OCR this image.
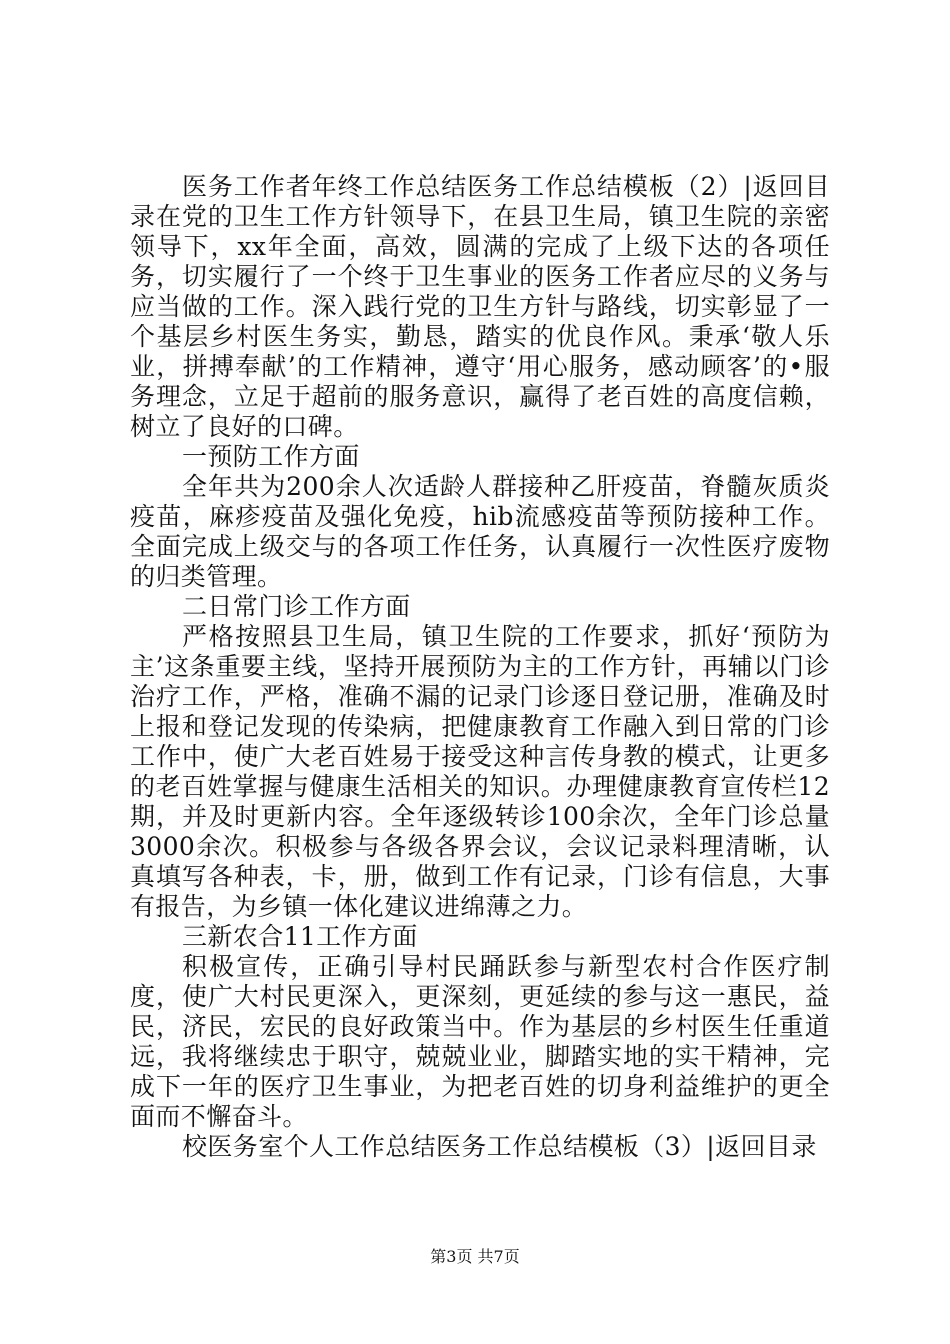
医务工作者年终工作总结医务工作总结模板（2）|返回目录在党的卫生工作方针领导下，在县卫生局，镇卫生院的亲密领导下，xx年全面，高效，圆满的完成了上级下达的各项任务，切实履行了一个终于卫生事业的医务工作者应尽的义务与应当做的工作。深入践行党的卫生方针与路线，切实彰显了一个基层乡村医生务实，勤恳，踏实的优良作风。秉承‘敬人乐业，拼搏奉献’的工作精神，遵守‘用心服务，感动顾客’的•服务理念，立足于超前的服务意识，赢得了老百姓的高度信赖，树立了良好的口碑。

一预防工作方面

全年共为200余人次适龄人群接种乙肝疫苗，脊髓灰质炎疫苗，麻疹疫苗及强化免疫，hib流感疫苗等预防接种工作。全面完成上级交与的各项工作任务，认真履行一次性医疗废物的归类管理。

二日常门诊工作方面

严格按照县卫生局，镇卫生院的工作要求，抓好‘预防为主’这条重要主线，坚持开展预防为主的工作方针，再辅以门诊治疗工作，严格，准确不漏的记录门诊逐日登记册，准确及时上报和登记发现的传染病，把健康教育工作融入到日常的门诊工作中，使广大老百姓易于接受这种言传身教的模式，让更多的老百姓掌握与健康生活相关的知识。办理健康教育宣传栏12期，并及时更新内容。全年逐级转诊100余次，全年门诊总量3000余次。积极参与各级各界会议，会议记录料理清晰，认真填写各种表，卡，册，做到工作有记录，门诊有信息，大事有报告，为乡镇一体化建议进绵薄之力。

三新农合11工作方面

积极宣传，正确引导村民踊跃参与新型农村合作医疗制度，使广大村民更深入，更深刻，更延续的参与这一惠民，益民，济民，宏民的良好政策当中。作为基层的乡村医生任重道远，我将继续忠于职守，兢兢业业，脚踏实地的实干精神，完成下一年的医疗卫生事业，为把老百姓的切身利益维护的更全面而不懈奋斗。

校医务室个人工作总结医务工作总结模板（3）|返回目录

第3页 共7页
